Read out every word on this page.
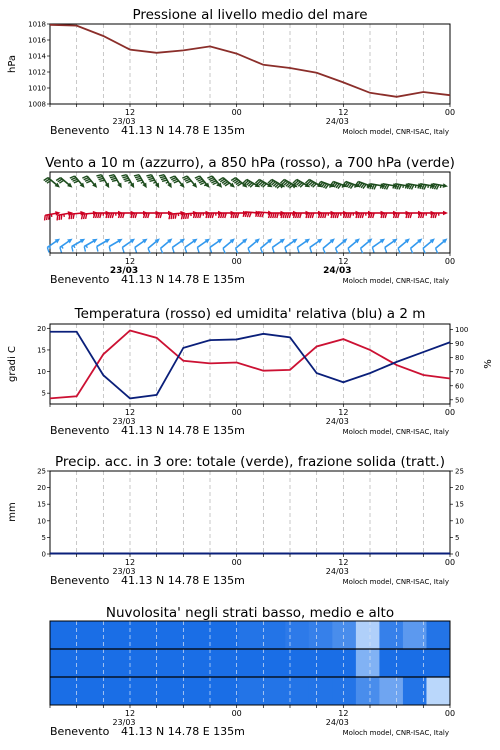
Pressione al livello medio del mare
1018
1016
1014
1012
1010
1008
hPa
12	00	12	00
23/03	24/03
Benevento 41.13 N 14.78 E 135m	Moloch model, CNR-ISAC, Italy
Vento a 10 m (azzurro), a 850 hPa (rosso), a 700 hPa (verde)
12	00	12	00
23/03	24/03
Benevento 41.13 N 14.78 E 135m	Moloch model, CNR-ISAC, Italy
Temperatura (rosso) ed umidita' relativa (blu) a 2 m
20
15
10
5
100
90
80
70
60
50
gradi C	%
12	00	12	00
23/03	24/03
Benevento 41.13 N 14.78 E 135m	Moloch model, CNR-ISAC, Italy
Precip. acc. in 3 ore: totale (verde), frazione solida (tratt.)
25
20
15
10
5
0
25
20
15
10
5
0
mm
12	00	12	00
23/03	24/03
Benevento 41.13 N 14.78 E 135m	Moloch model, CNR-ISAC, Italy
Nuvolosita' negli strati basso, medio e alto
12	00	12	00
23/03	24/03
Benevento 41.13 N 14.78 E 135m	Moloch model, CNR-ISAC, Italy
